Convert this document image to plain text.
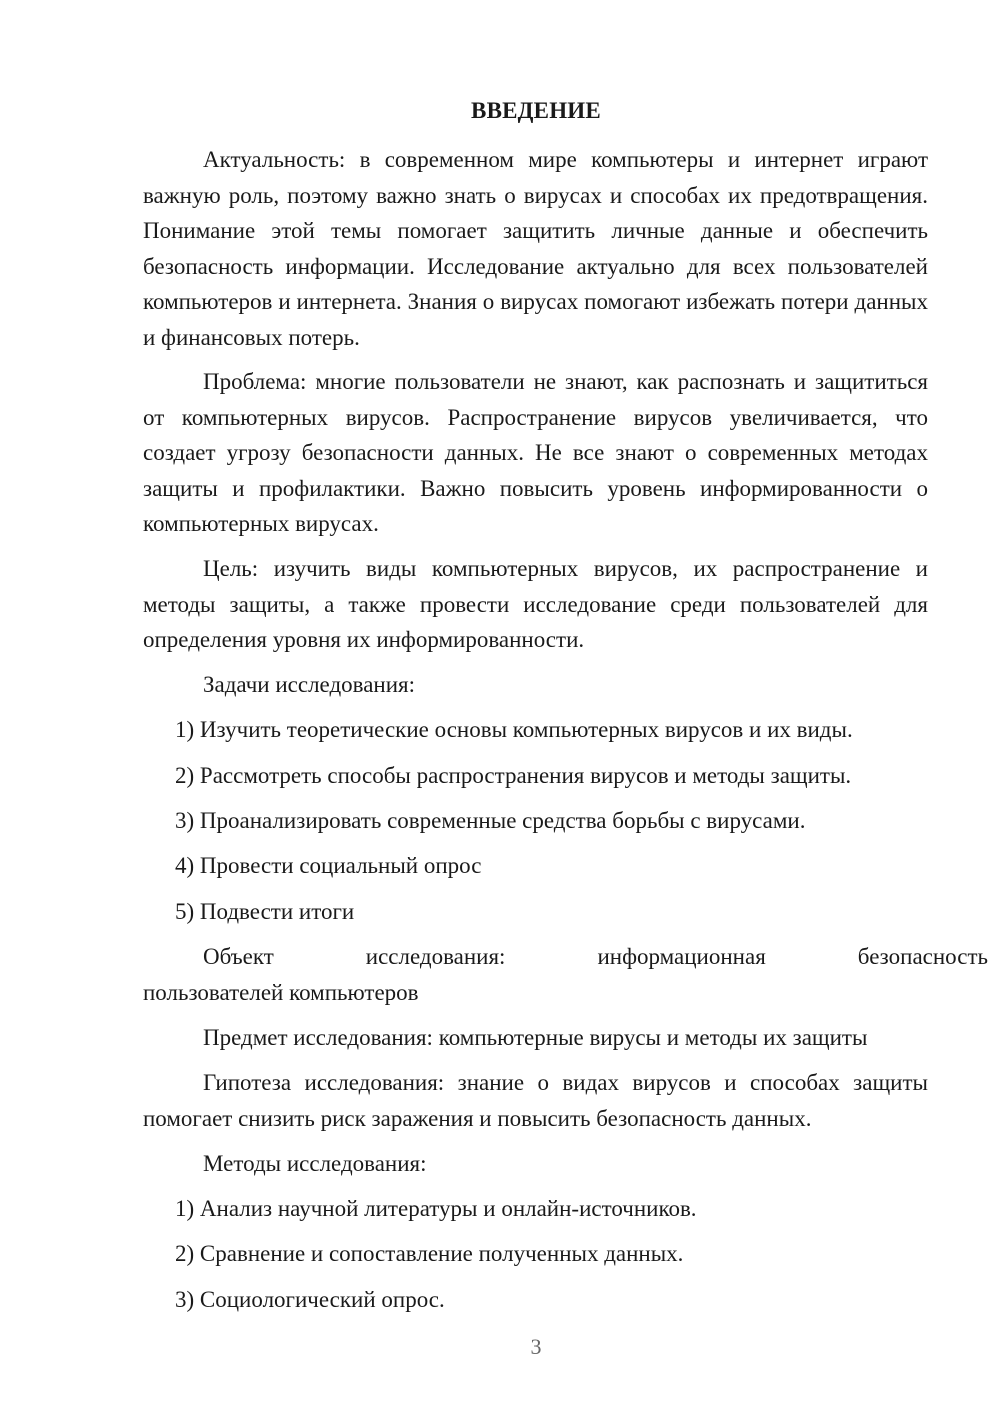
ВВЕДЕНИЕ

Актуальность: в современном мире компьютеры и интернет играют важную роль, поэтому важно знать о вирусах и способах их предотвращения. Понимание этой темы помогает защитить личные данные и обеспечить безопасность информации. Исследование актуально для всех пользователей компьютеров и интернета. Знания о вирусах помогают избежать потери данных и финансовых потерь.

Проблема: многие пользователи не знают, как распознать и защититься от компьютерных вирусов. Распространение вирусов увеличивается, что создает угрозу безопасности данных. Не все знают о современных методах защиты и профилактики. Важно повысить уровень информированности о компьютерных вирусах.

Цель: изучить виды компьютерных вирусов, их распространение и методы защиты, а также провести исследование среди пользователей для определения уровня их информированности.

Задачи исследования:

1) Изучить теоретические основы компьютерных вирусов и их виды.

2) Рассмотреть способы распространения вирусов и методы защиты.

3) Проанализировать современные средства борьбы с вирусами.

4) Провести социальный опрос

5) Подвести итоги

Объект	исследования:	информационная	безопасность

пользователей компьютеров

Предмет исследования: компьютерные вирусы и методы их защиты

Гипотеза исследования: знание о видах вирусов и способах защиты помогает снизить риск заражения и повысить безопасность данных.

Методы исследования:

1) Анализ научной литературы и онлайн-источников.

2) Сравнение и сопоставление полученных данных.

3) Социологический опрос.

3
